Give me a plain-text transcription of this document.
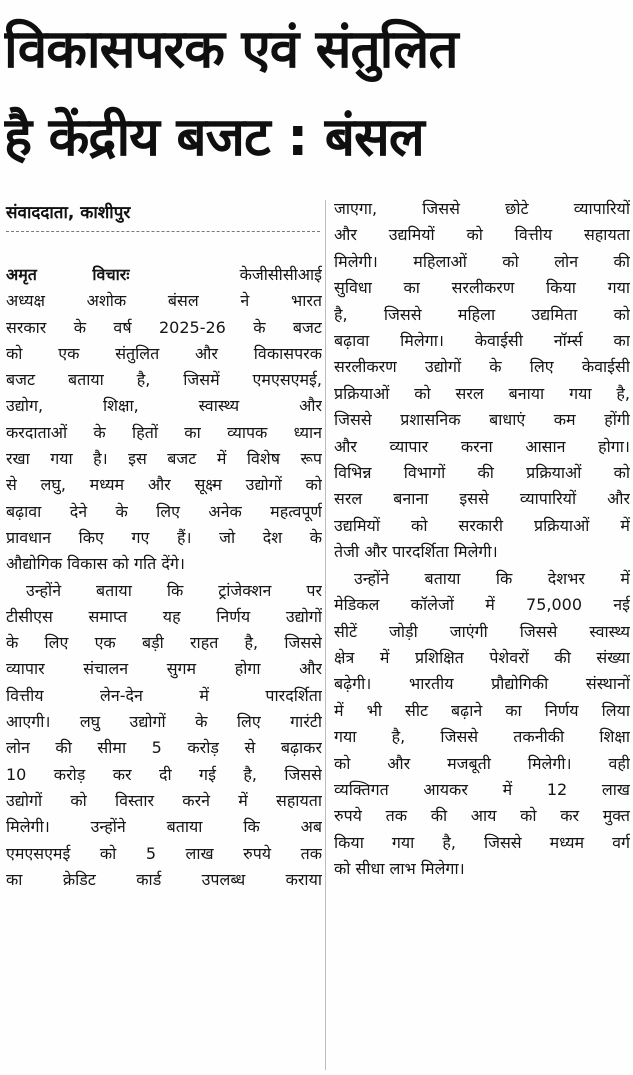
विकासपरक एवं संतुलित
है केंद्रीय बजट : बंसल
संवाददाता, काशीपुर
अमृत विचारः	केजीसीसीआई
अध्यक्ष अशोक बंसल ने भारत
सरकार के वर्ष 2025-26 के बजट
को एक संतुलित और विकासपरक
बजट बताया है, जिसमें एमएसएमई,
उद्योग, शिक्षा, स्वास्थ्य और
करदाताओं के हितों का व्यापक ध्यान
रखा गया है। इस बजट में विशेष रूप
से लघु, मध्यम और सूक्ष्म उद्योगों को
बढ़ावा देने के लिए अनेक महत्वपूर्ण
प्रावधान किए गए हैं। जो देश के
औद्योगिक विकास को गति देंगे।
उन्होंने बताया कि ट्रांजेक्शन पर
टीसीएस समाप्त यह निर्णय उद्योगों
के लिए एक बड़ी राहत है, जिससे
व्यापार संचालन सुगम होगा और
वित्तीय लेन-देन में पारदर्शिता
आएगी। लघु उद्योगों के लिए गारंटी
लोन की सीमा 5 करोड़ से बढ़ाकर
10 करोड़ कर दी गई है, जिससे
उद्योगों को विस्तार करने में सहायता
मिलेगी। उन्होंने बताया कि अब
एमएसएमई को 5 लाख रुपये तक
का क्रेडिट कार्ड उपलब्ध कराया
जाएगा, जिससे छोटे व्यापारियों
और उद्यमियों को वित्तीय सहायता
मिलेगी। महिलाओं को लोन की
सुविधा का सरलीकरण किया गया
है, जिससे महिला उद्यमिता को
बढ़ावा मिलेगा। केवाईसी नॉर्म्स का
सरलीकरण उद्योगों के लिए केवाईसी
प्रक्रियाओं को सरल बनाया गया है,
जिससे प्रशासनिक बाधाएं कम होंगी
और व्यापार करना आसान होगा।
विभिन्न विभागों की प्रक्रियाओं को
सरल बनाना इससे व्यापारियों और
उद्यमियों को सरकारी प्रक्रियाओं में
तेजी और पारदर्शिता मिलेगी।
उन्होंने बताया कि देशभर में
मेडिकल कॉलेजों में 75,000 नई
सीटें जोड़ी जाएंगी जिससे स्वास्थ्य
क्षेत्र में प्रशिक्षित पेशेवरों की संख्या
बढ़ेगी। भारतीय प्रौद्योगिकी संस्थानों
में भी सीट बढ़ाने का निर्णय लिया
गया है, जिससे तकनीकी शिक्षा
को और मजबूती मिलेगी। वही
व्यक्तिगत आयकर में 12 लाख
रुपये तक की आय को कर मुक्त
किया गया है, जिससे मध्यम वर्ग
को सीधा लाभ मिलेगा।
